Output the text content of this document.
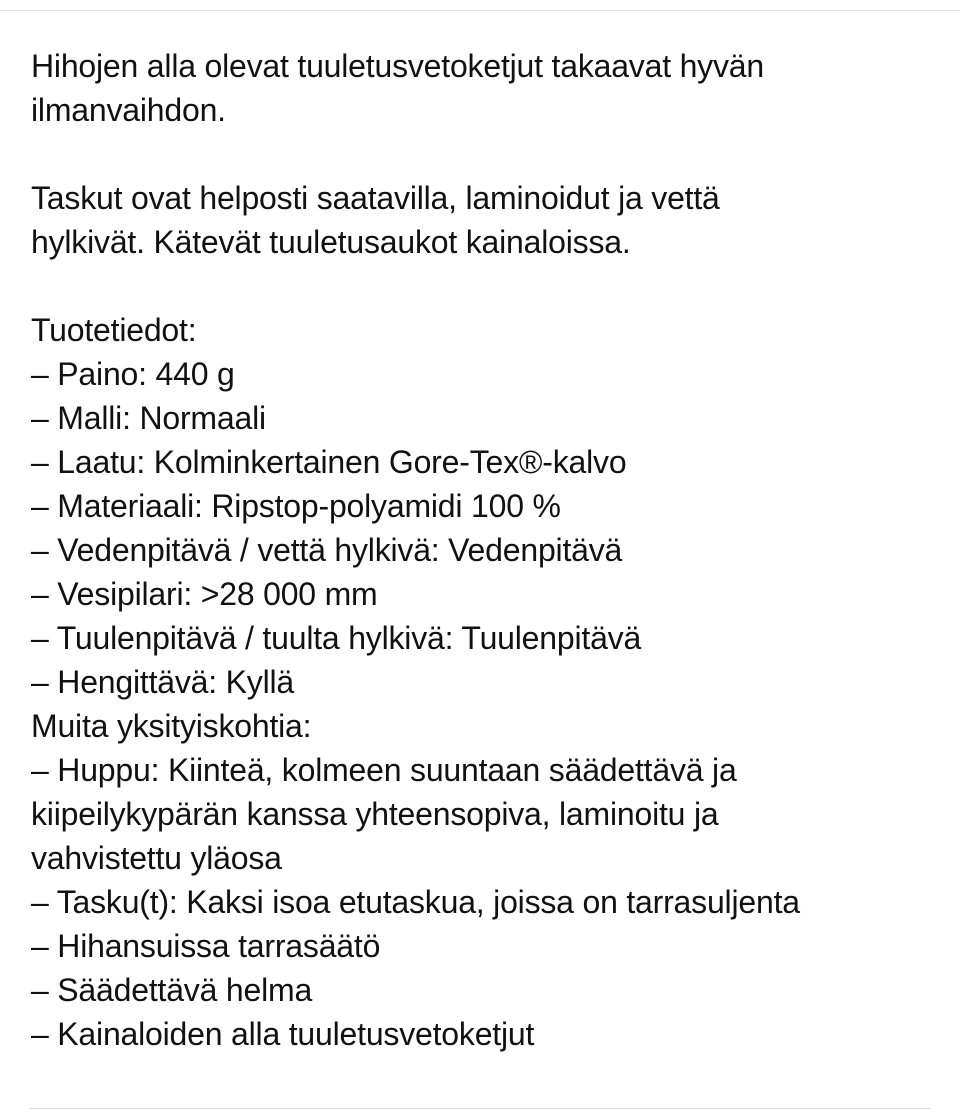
Hihojen alla olevat tuuletusvetoketjut takaavat hyvän

ilmanvaihdon.

Taskut ovat helposti saatavilla, laminoidut ja vettä

hylkivät. Kätevät tuuletusaukot kainaloissa.

Tuotetiedot:

– Paino: 440 g

– Malli: Normaali

– Laatu: Kolminkertainen Gore-Tex®-kalvo

– Materiaali: Ripstop-polyamidi 100 %

– Vedenpitävä / vettä hylkivä: Vedenpitävä

– Vesipilari: >28 000 mm

– Tuulenpitävä / tuulta hylkivä: Tuulenpitävä

– Hengittävä: Kyllä

Muita yksityiskohtia:

– Huppu: Kiinteä, kolmeen suuntaan säädettävä ja

kiipeilykypärän kanssa yhteensopiva, laminoitu ja

vahvistettu yläosa

– Tasku(t): Kaksi isoa etutaskua, joissa on tarrasuljenta

– Hihansuissa tarrasäätö

– Säädettävä helma

– Kainaloiden alla tuuletusvetoketjut
